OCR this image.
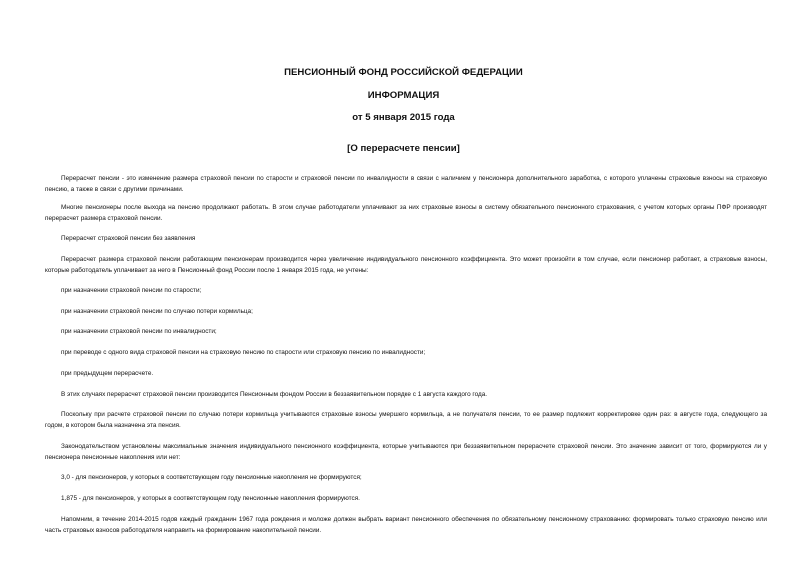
ПЕНСИОННЫЙ ФОНД РОССИЙСКОЙ ФЕДЕРАЦИИ
ИНФОРМАЦИЯ
от 5 января 2015 года
[О перерасчете пенсии]

Перерасчет пенсии - это изменение размера страховой пенсии по старости и страховой пенсии по инвалидности в связи с наличием у пенсионера дополнительного заработка, с которого уплачены страховые взносы на страховую пенсию, а также в связи с другими причинами.

Многие пенсионеры после выхода на пенсию продолжают работать. В этом случае работодатели уплачивают за них страховые взносы в систему обязательного пенсионного страхования, с учетом которых органы ПФР производят перерасчет размера страховой пенсии.

Перерасчет страховой пенсии без заявления

Перерасчет размера страховой пенсии работающим пенсионерам производится через увеличение индивидуального пенсионного коэффициента. Это может произойти в том случае, если пенсионер работает, а страховые взносы, которые работодатель уплачивает за него в Пенсионный фонд России после 1 января 2015 года, не учтены:

при назначении страховой пенсии по старости;

при назначении страховой пенсии по случаю потери кормильца;

при назначении страховой пенсии по инвалидности;

при переводе с одного вида страховой пенсии на страховую пенсию по старости или страховую пенсию по инвалидности;

при предыдущем перерасчете.

В этих случаях перерасчет страховой пенсии производится Пенсионным фондом России в беззаявительном порядке с 1 августа каждого года.

Поскольку при расчете страховой пенсии по случаю потери кормильца учитываются страховые взносы умершего кормильца, а не получателя пенсии, то ее размер подлежит корректировке один раз: в августе года, следующего за годом, в котором была назначена эта пенсия.

Законодательством установлены максимальные значения индивидуального пенсионного коэффициента, которые учитываются при беззаявительном перерасчете страховой пенсии. Это значение зависит от того, формируются ли у пенсионера пенсионные накопления или нет:

3,0 - для пенсионеров, у которых в соответствующем году пенсионные накопления не формируются;

1,875 - для пенсионеров, у которых в соответствующем году пенсионные накопления формируются.

Напомним, в течение 2014-2015 годов каждый гражданин 1967 года рождения и моложе должен выбрать вариант пенсионного обеспечения по обязательному пенсионному страхованию: формировать только страховую пенсию или часть страховых взносов работодателя направить на формирование накопительной пенсии.
